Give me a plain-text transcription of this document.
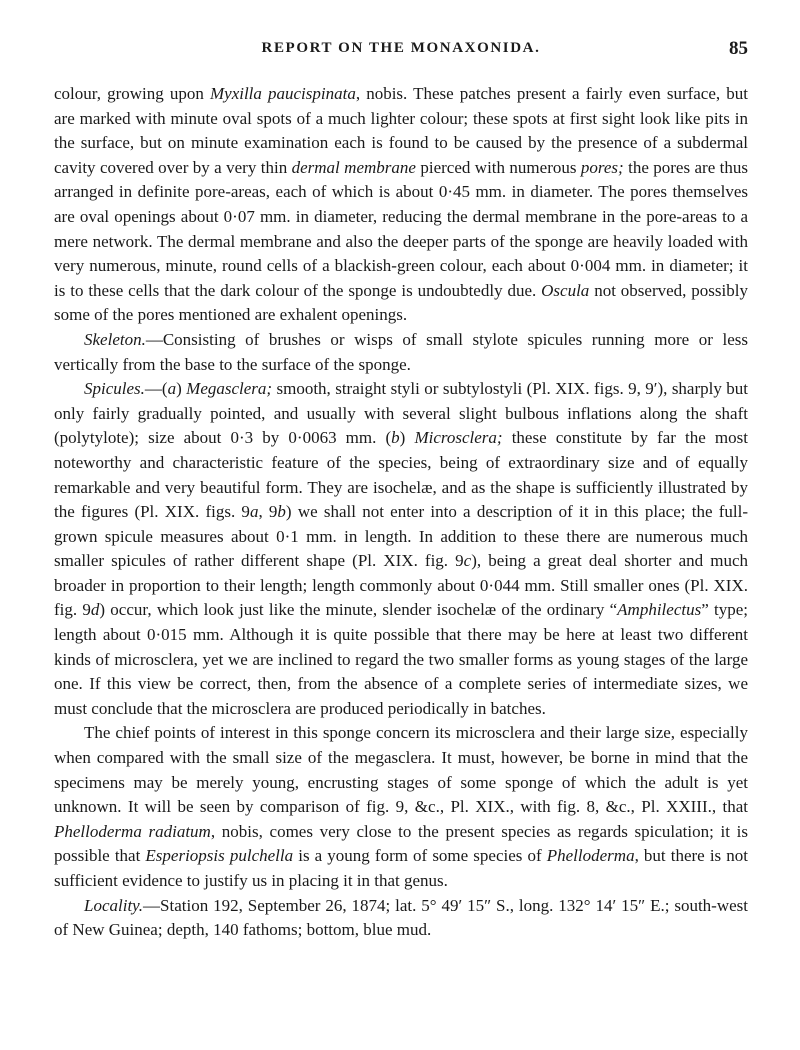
REPORT ON THE MONAXONIDA.	85

colour, growing upon Myxilla paucispinata, nobis. These patches present a fairly even surface, but are marked with minute oval spots of a much lighter colour; these spots at first sight look like pits in the surface, but on minute examination each is found to be caused by the presence of a subdermal cavity covered over by a very thin dermal membrane pierced with numerous pores; the pores are thus arranged in definite pore-areas, each of which is about 0·45 mm. in diameter. The pores themselves are oval openings about 0·07 mm. in diameter, reducing the dermal membrane in the pore-areas to a mere network. The dermal membrane and also the deeper parts of the sponge are heavily loaded with very numerous, minute, round cells of a blackish-green colour, each about 0·004 mm. in diameter; it is to these cells that the dark colour of the sponge is undoubtedly due. Oscula not observed, possibly some of the pores mentioned are exhalent openings.

Skeleton.—Consisting of brushes or wisps of small stylote spicules running more or less vertically from the base to the surface of the sponge.

Spicules.—(a) Megasclera; smooth, straight styli or subtylostyli (Pl. XIX. figs. 9, 9′), sharply but only fairly gradually pointed, and usually with several slight bulbous inflations along the shaft (polytylote); size about 0·3 by 0·0063 mm. (b) Microsclera; these constitute by far the most noteworthy and characteristic feature of the species, being of extraordinary size and of equally remarkable and very beautiful form. They are isochelæ, and as the shape is sufficiently illustrated by the figures (Pl. XIX. figs. 9a, 9b) we shall not enter into a description of it in this place; the full-grown spicule measures about 0·1 mm. in length. In addition to these there are numerous much smaller spicules of rather different shape (Pl. XIX. fig. 9c), being a great deal shorter and much broader in proportion to their length; length commonly about 0·044 mm. Still smaller ones (Pl. XIX. fig. 9d) occur, which look just like the minute, slender isochelæ of the ordinary “Amphilectus” type; length about 0·015 mm. Although it is quite possible that there may be here at least two different kinds of microsclera, yet we are inclined to regard the two smaller forms as young stages of the large one. If this view be correct, then, from the absence of a complete series of intermediate sizes, we must conclude that the microsclera are produced periodically in batches.

The chief points of interest in this sponge concern its microsclera and their large size, especially when compared with the small size of the megasclera. It must, however, be borne in mind that the specimens may be merely young, encrusting stages of some sponge of which the adult is yet unknown. It will be seen by comparison of fig. 9, &c., Pl. XIX., with fig. 8, &c., Pl. XXIII., that Phelloderma radiatum, nobis, comes very close to the present species as regards spiculation; it is possible that Esperiopsis pulchella is a young form of some species of Phelloderma, but there is not sufficient evidence to justify us in placing it in that genus.

Locality.—Station 192, September 26, 1874; lat. 5° 49′ 15″ S., long. 132° 14′ 15″ E.; south-west of New Guinea; depth, 140 fathoms; bottom, blue mud.
